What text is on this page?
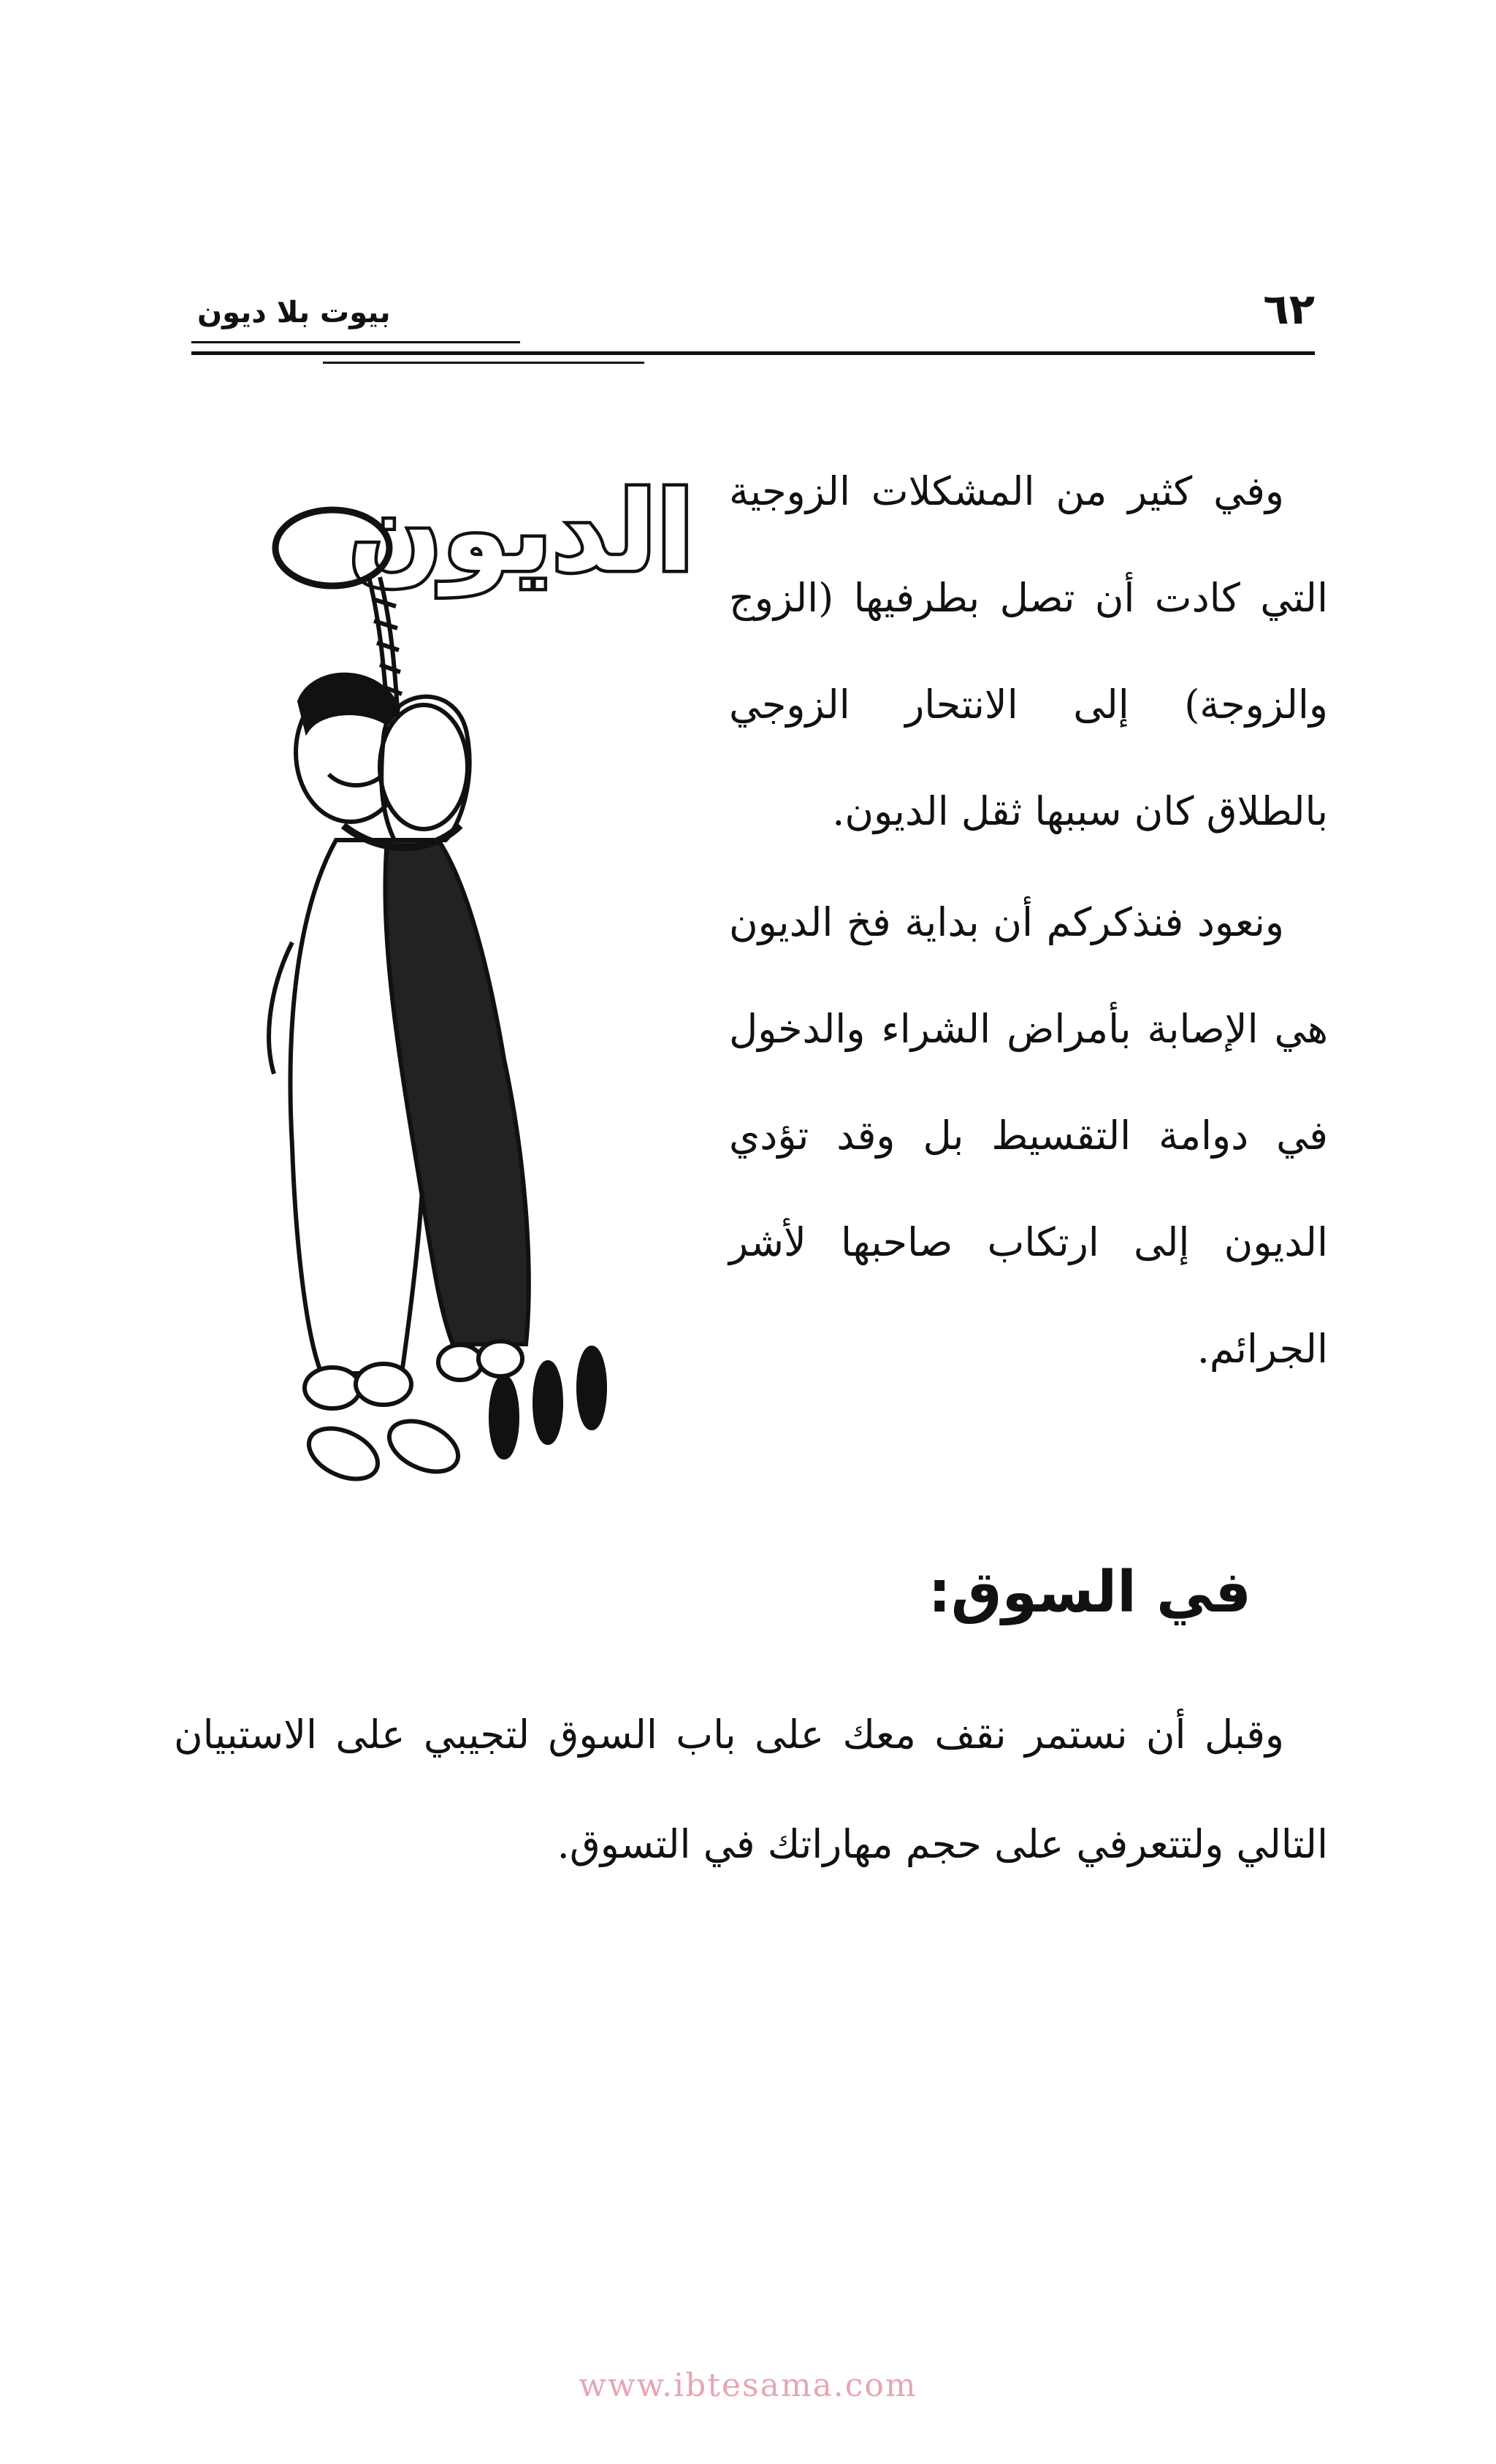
٦٢
بيوت بلا ديون

وفي كثير من المشكلات الزوجية التي كادت أن تصل بطرفيها (الزوج والزوجة) إلى الانتحار الزوجي بالطلاق كان سببها ثقل الديون.

ونعود فنذكركم أن بداية فخ الديون هي الإصابة بأمراض الشراء والدخول في دوامة التقسيط بل وقد تؤدي الديون إلى ارتكاب صاحبها لأشر الجرائم.

الديون
في السوق:

وقبل أن نستمر نقف معك على باب السوق لتجيبي على الاستبيان التالي ولتتعرفي على حجم مهاراتك في التسوق.

www.ibtesama.com
